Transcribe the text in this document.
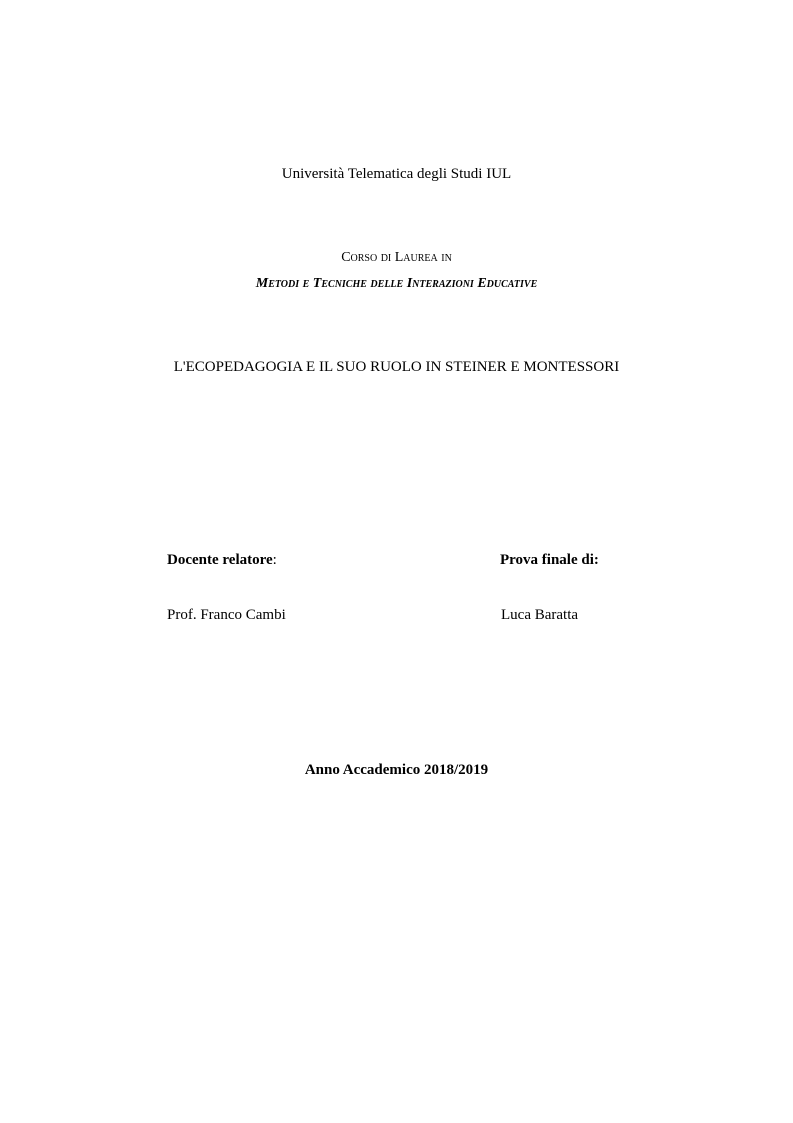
Università Telematica degli Studi IUL
Corso di Laurea in
Metodi e Tecniche delle Interazioni Educative
L'ECOPEDAGOGIA E IL SUO RUOLO IN STEINER E MONTESSORI
Docente relatore:	Prova finale di:
Prof. Franco Cambi	Luca Baratta
Anno Accademico 2018/2019
